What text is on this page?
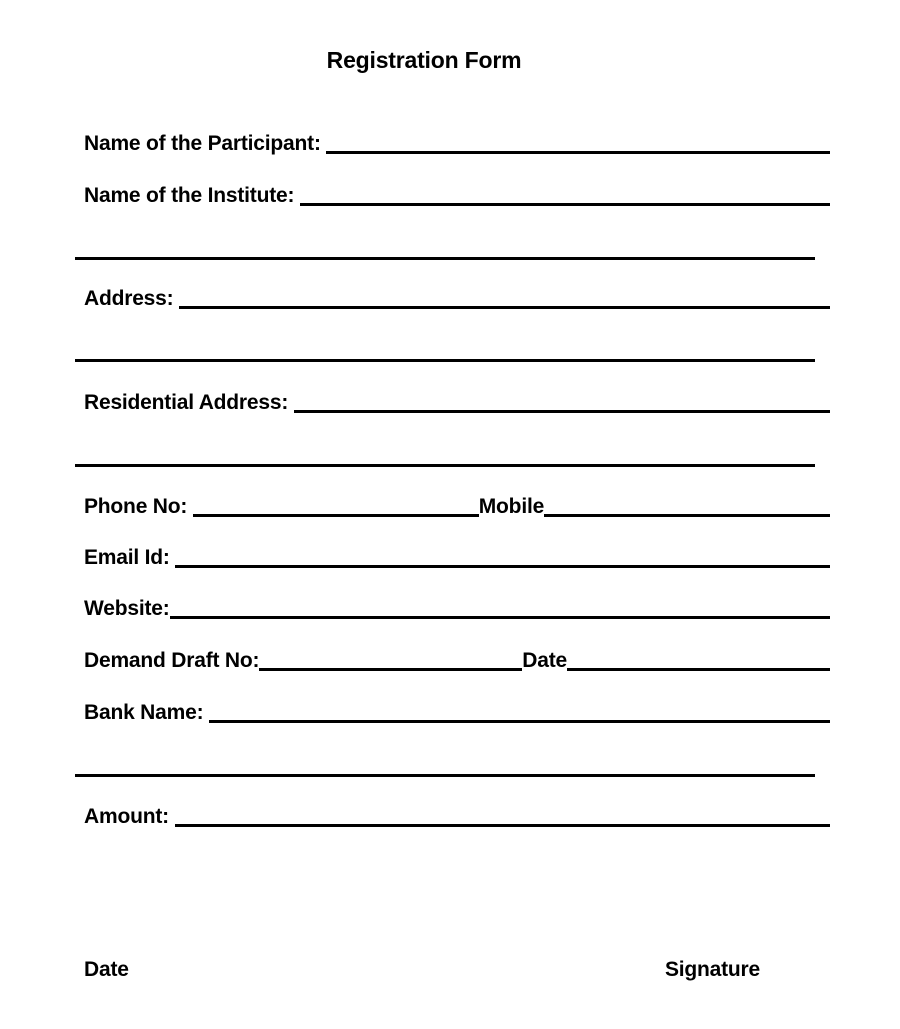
Registration Form
Name of the Participant:
Name of the Institute:
Address:
Residential Address:
Phone No:	Mobile
Email Id:
Website:
Demand Draft No:	Date
Bank Name:
Amount:
Date	Signature
